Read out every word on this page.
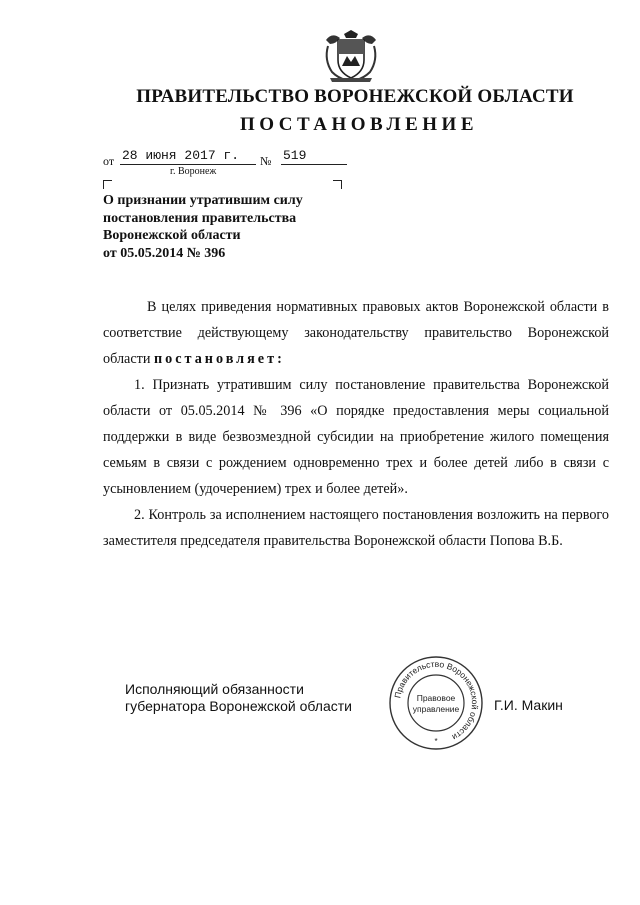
ПРАВИТЕЛЬСТВО ВОРОНЕЖСКОЙ ОБЛАСТИ
ПОСТАНОВЛЕНИЕ
от 28 июня 2017 г.	№ 519
г. Воронеж
О признании утратившим силу
постановления правительства
Воронежской области
от 05.05.2014 № 396

В целях приведения нормативных правовых актов Воронежской области в соответствие действующему законодательству правительство Воронежской области постановляет:

1. Признать утратившим силу постановление правительства Воронежской области от 05.05.2014 № 396 «О порядке предоставления меры социальной поддержки в виде безвозмездной субсидии на приобретение жилого помещения семьям в связи с рождением одновременно трех и более детей либо в связи с усыновлением (удочерением) трех и более детей».

2. Контроль за исполнением настоящего постановления возложить на первого заместителя председателя правительства Воронежской области Попова В.Б.

Исполняющий обязанности
губернатора Воронежской области
Правительство Воронежской области
Правовое
управление
*
Г.И. Макин
